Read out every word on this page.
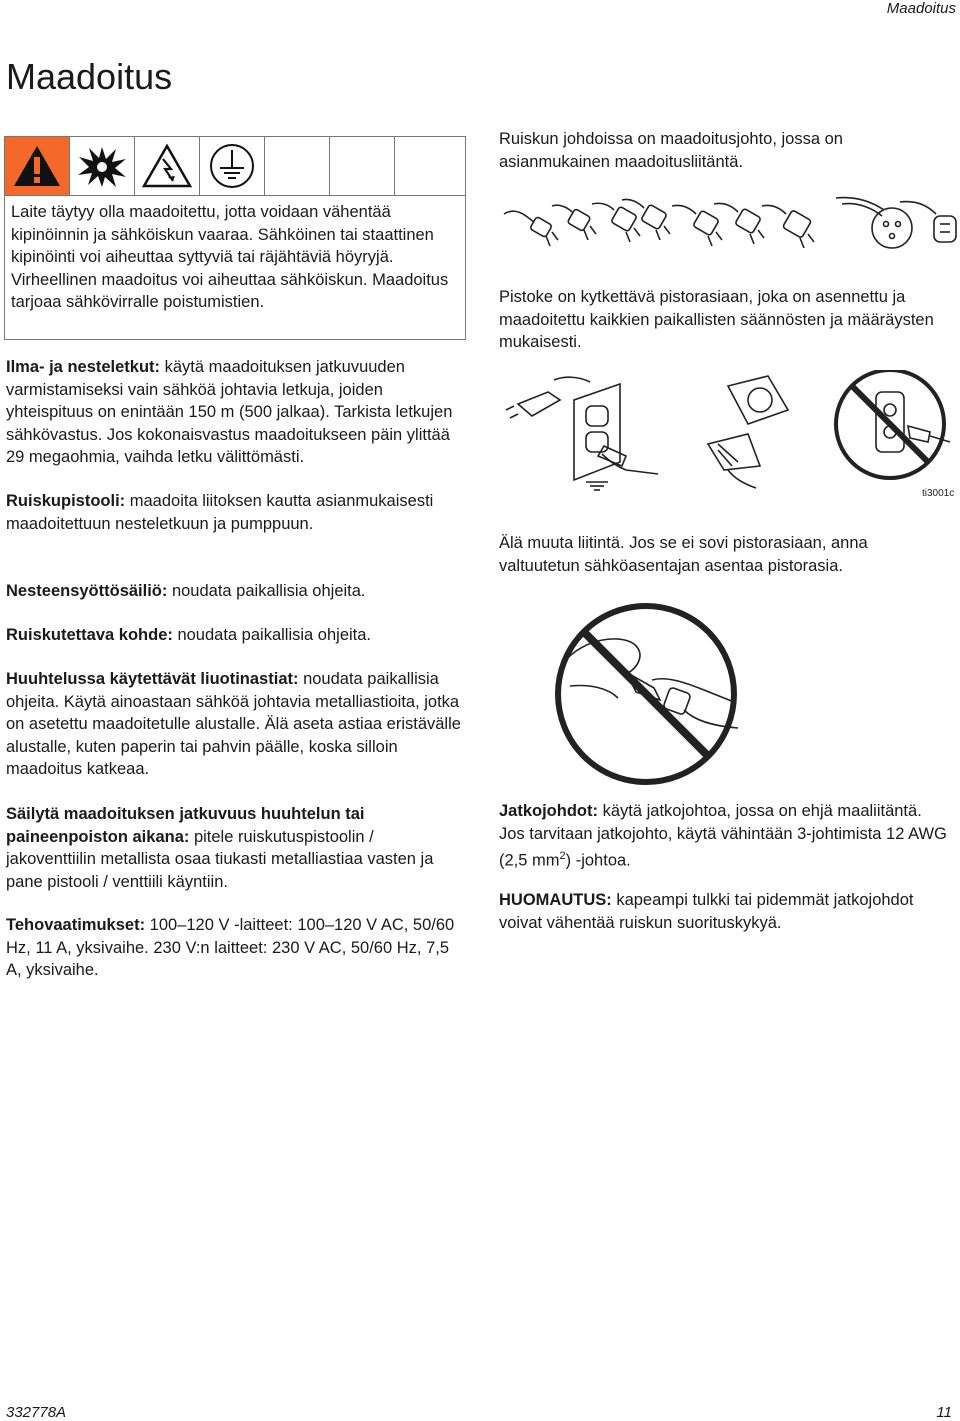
Maadoitus
Maadoitus

Laite täytyy olla maadoitettu, jotta voidaan vähentää kipinöinnin ja sähköiskun vaaraa. Sähköinen tai staattinen kipinöinti voi aiheuttaa syttyviä tai räjähtäviä höyryjä. Virheellinen maadoitus voi aiheuttaa sähköiskun. Maadoitus tarjoaa sähkövirralle poistumistien.

Ilma- ja nesteletkut: käytä maadoituksen jatkuvuuden varmistamiseksi vain sähköä johtavia letkuja, joiden yhteispituus on enintään 150 m (500 jalkaa). Tarkista letkujen sähkövastus. Jos kokonaisvastus maadoitukseen päin ylittää 29 megaohmia, vaihda letku välittömästi.

Ruiskupistooli: maadoita liitoksen kautta asianmukaisesti maadoitettuun nesteletkuun ja pumppuun.

Nesteensyöttösäiliö: noudata paikallisia ohjeita.

Ruiskutettava kohde: noudata paikallisia ohjeita.

Huuhtelussa käytettävät liuotinastiat: noudata paikallisia ohjeita. Käytä ainoastaan sähköä johtavia metalliastioita, jotka on asetettu maadoitetulle alustalle. Älä aseta astiaa eristävälle alustalle, kuten paperin tai pahvin päälle, koska silloin maadoitus katkeaa.

Säilytä maadoituksen jatkuvuus huuhtelun tai paineenpoiston aikana: pitele ruiskutuspistoolin / jakoventtiilin metallista osaa tiukasti metalliastiaa vasten ja pane pistooli / venttiili käyntiin.

Tehovaatimukset: 100–120 V -laitteet: 100–120 V AC, 50/60 Hz, 11 A, yksivaihe. 230 V:n laitteet: 230 V AC, 50/60 Hz, 7,5 A, yksivaihe.

Ruiskun johdoissa on maadoitusjohto, jossa on asianmukainen maadoitusliitäntä.

Pistoke on kytkettävä pistorasiaan, joka on asennettu ja maadoitettu kaikkien paikallisten säännösten ja määräysten mukaisesti.

ti3001c

Älä muuta liitintä. Jos se ei sovi pistorasiaan, anna valtuutetun sähköasentajan asentaa pistorasia.

Jatkojohdot: käytä jatkojohtoa, jossa on ehjä maaliitäntä. Jos tarvitaan jatkojohto, käytä vähintään 3-johtimista 12 AWG (2,5 $mm^2$) -johtoa.

HUOMAUTUS: kapeampi tulkki tai pidemmät jatkojohdot voivat vähentää ruiskun suorituskykyä.

332778A	11
